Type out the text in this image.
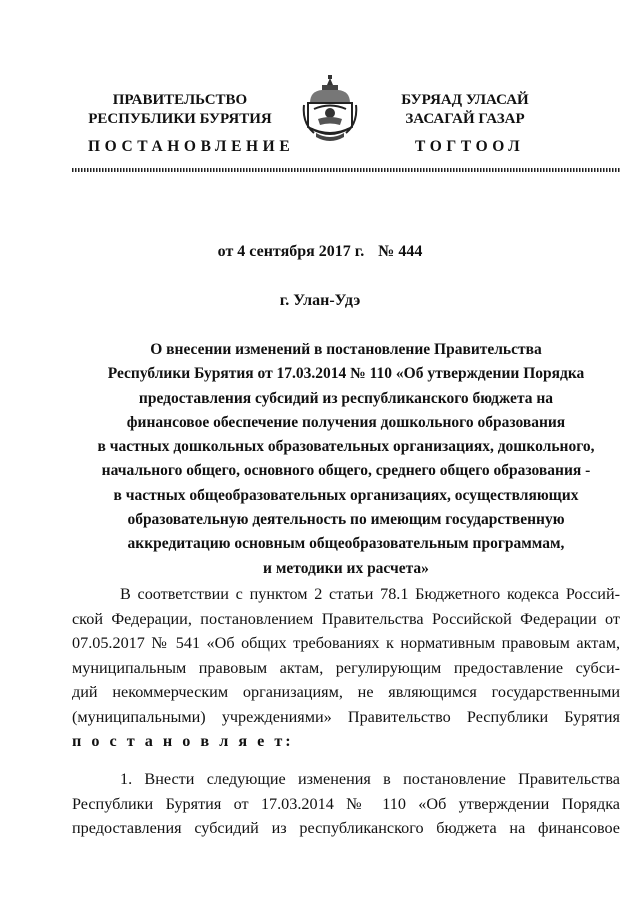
ПРАВИТЕЛЬСТВО
РЕСПУБЛИКИ БУРЯТИЯ
БУРЯАД УЛАСАЙ
ЗАСАГАЙ ГАЗАР
ПОСТАНОВЛЕНИЕ	ТОГТООЛ
от 4 сентября 2017 г. № 444
г. Улан-Удэ
О внесении изменений в постановление Правительства
Республики Бурятия от 17.03.2014 № 110 «Об утверждении Порядка
предоставления субсидий из республиканского бюджета на
финансовое обеспечение получения дошкольного образования
в частных дошкольных образовательных организациях, дошкольного,
начального общего, основного общего, среднего общего образования -
в частных общеобразовательных организациях, осуществляющих
образовательную деятельность по имеющим государственную
аккредитацию основным общеобразовательным программам,
и методики их расчета»
В соответствии с пунктом 2 статьи 78.1 Бюджетного кодекса Россий-
ской Федерации, постановлением Правительства Российской Федерации от
07.05.2017 № 541 «Об общих требованиях к нормативным правовым актам,
муниципальным правовым актам, регулирующим предоставление субси-
дий некоммерческим организациям, не являющимся государственными
(муниципальными) учреждениями» Правительство Республики Бурятия
п о с т а н о в л я е т:
1. Внести следующие изменения в постановление Правительства
Республики Бурятия от 17.03.2014 № 110 «Об утверждении Порядка
предоставления субсидий из республиканского бюджета на финансовое
